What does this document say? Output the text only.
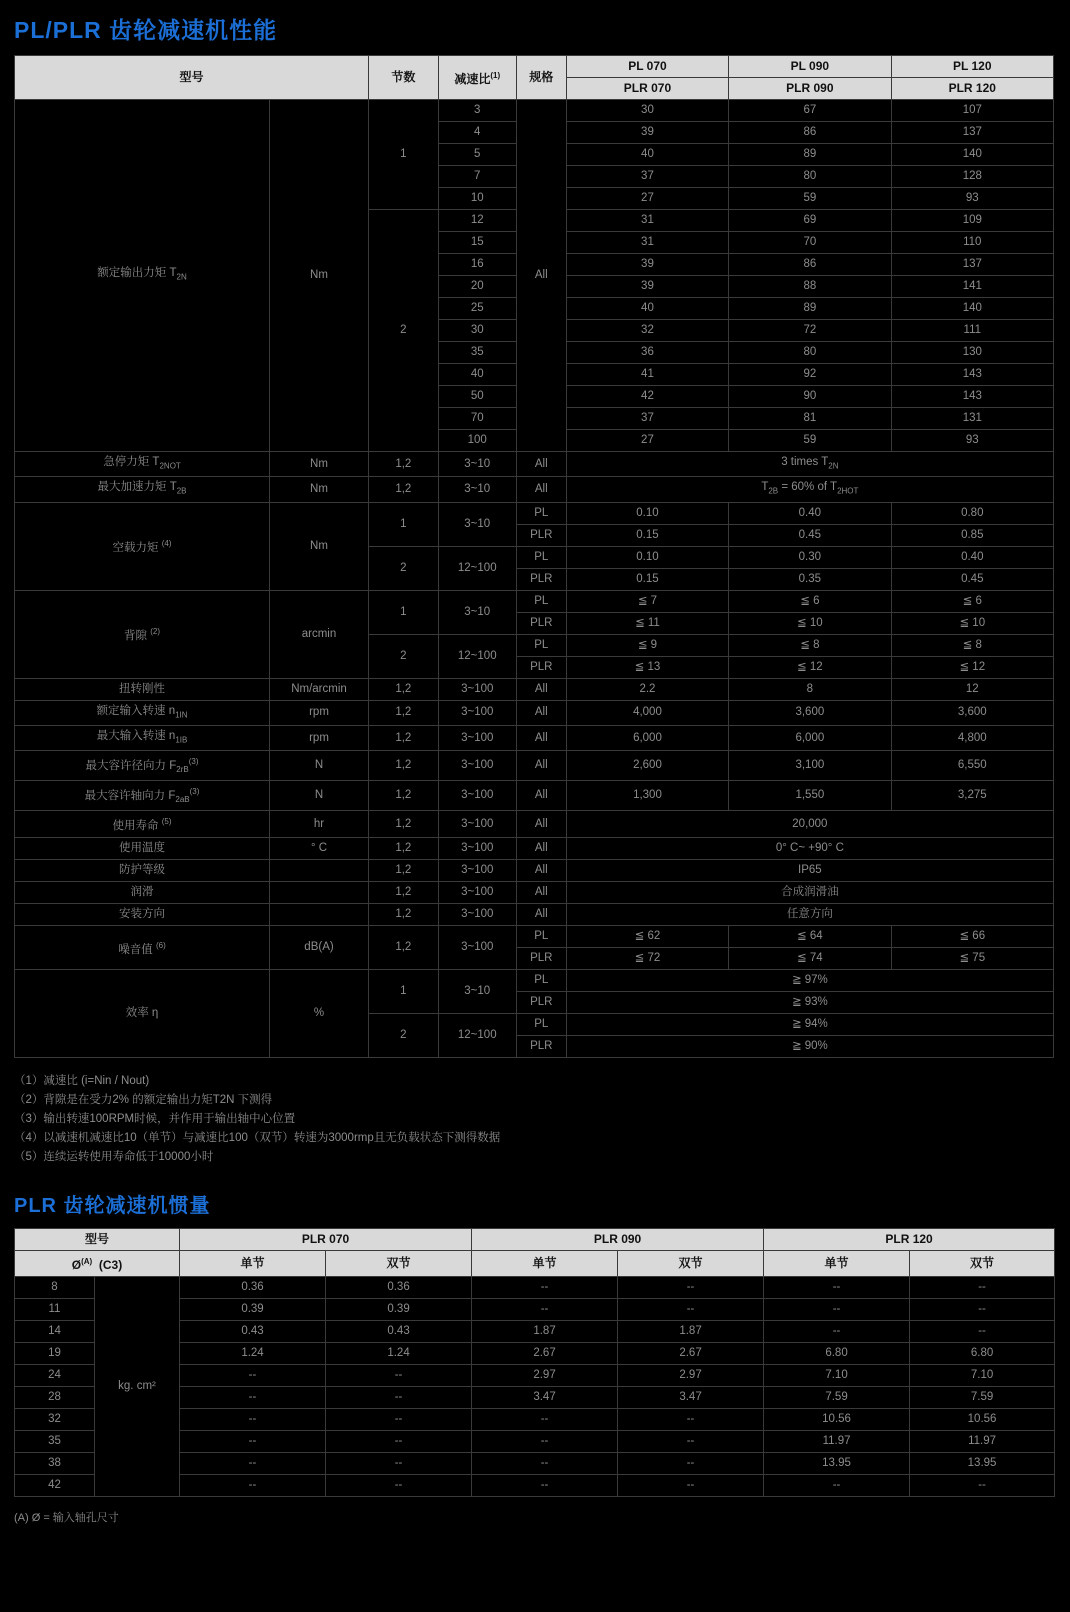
PL/PLR 齿轮减速机性能
型号		节数	减速比$^{(1)}$	规格	PL 070	PL 090	PL 120
					PLR 070	PLR 090	PLR 120
额定输出力矩 $T_{2N}$	Nm	1	3	All	30	67	107
			4		39	86	137
			5		40	89	140
			7		37	80	128
			10		27	59	93
		2	12		31	69	109
			15		31	70	110
			16		39	86	137
			20		39	88	141
			25		40	89	140
			30		32	72	111
			35		36	80	130
			40		41	92	143
			50		42	90	143
			70		37	81	131
			100		27	59	93
急停力矩 $T_{2NOT}$	Nm	1,2	3~10	All	3 times $T_{2N}$
最大加速力矩 $T_{2B}$	Nm	1,2	3~10	All	$T_{2B} = 60\%$ of $T_{2HOT}$
空载力矩 $^{(4)}$	Nm	1	3~10	PL	0.10	0.40	0.80
				PLR	0.15	0.45	0.85
		2	12~100	PL	0.10	0.30	0.40
				PLR	0.15	0.35	0.45
背隙 $^{(2)}$	arcmin	1	3~10	PL	≦ 7	≦ 6	≦ 6
				PLR	≦ 11	≦ 10	≦ 10
		2	12~100	PL	≦ 9	≦ 8	≦ 8
				PLR	≦ 13	≦ 12	≦ 12
扭转刚性	Nm/arcmin	1,2	3~100	All	2.2	8	12
额定输入转速 $n_{1IN}$	rpm	1,2	3~100	All	4,000	3,600	3,600
最大输入转速 $n_{1IB}$	rpm	1,2	3~100	All	6,000	6,000	4,800
最大容许径向力 $F_{2rB}^{(3)}$	N	1,2	3~100	All	2,600	3,100	6,550
最大容许轴向力 $F_{2aB}^{(3)}$	N	1,2	3~100	All	1,300	1,550	3,275
使用寿命 $^{(5)}$	hr	1,2	3~100	All	20,000		
使用温度	° C	1,2	3~100	All	0° C~ +90° C		
防护等级		1,2	3~100	All	IP65		
润滑		1,2	3~100	All	合成润滑油		
安装方向		1,2	3~100	All	任意方向		
噪音值 $^{(6)}$	dB(A)	1,2	3~100	PL	≦ 62	≦ 64	≦ 66
				PLR	≦ 72	≦ 74	≦ 75
效率 η	%	1	3~10	PL	≧ 97%		
				PLR	≧ 93%		
		2	12~100	PL	≧ 94%		
				PLR	≧ 90%		
（1）减速比 (i=Nin / Nout)
（2）背隙是在受力2% 的额定输出力矩T2N 下测得
（3）输出转速100RPM时候，并作用于输出轴中心位置
（4）以减速机减速比10（单节）与减速比100（双节）转速为3000rmp且无负载状态下测得数据
（5）连续运转使用寿命低于10000小时
PLR 齿轮减速机惯量
型号		PLR 070		PLR 090		PLR 120	
$Ø^{(A)}$ (C3)		单节	双节	单节	双节	单节	双节
8	kg. cm²	0.36	0.36	--	--	--	--
11		0.39	0.39	--	--	--	--
14		0.43	0.43	1.87	1.87	--	--
19		1.24	1.24	2.67	2.67	6.80	6.80
24		--	--	2.97	2.97	7.10	7.10
28		--	--	3.47	3.47	7.59	7.59
32		--	--	--	--	10.56	10.56
35		--	--	--	--	11.97	11.97
38		--	--	--	--	13.95	13.95
42		--	--	--	--	--	--
(A) Ø = 输入轴孔尺寸
